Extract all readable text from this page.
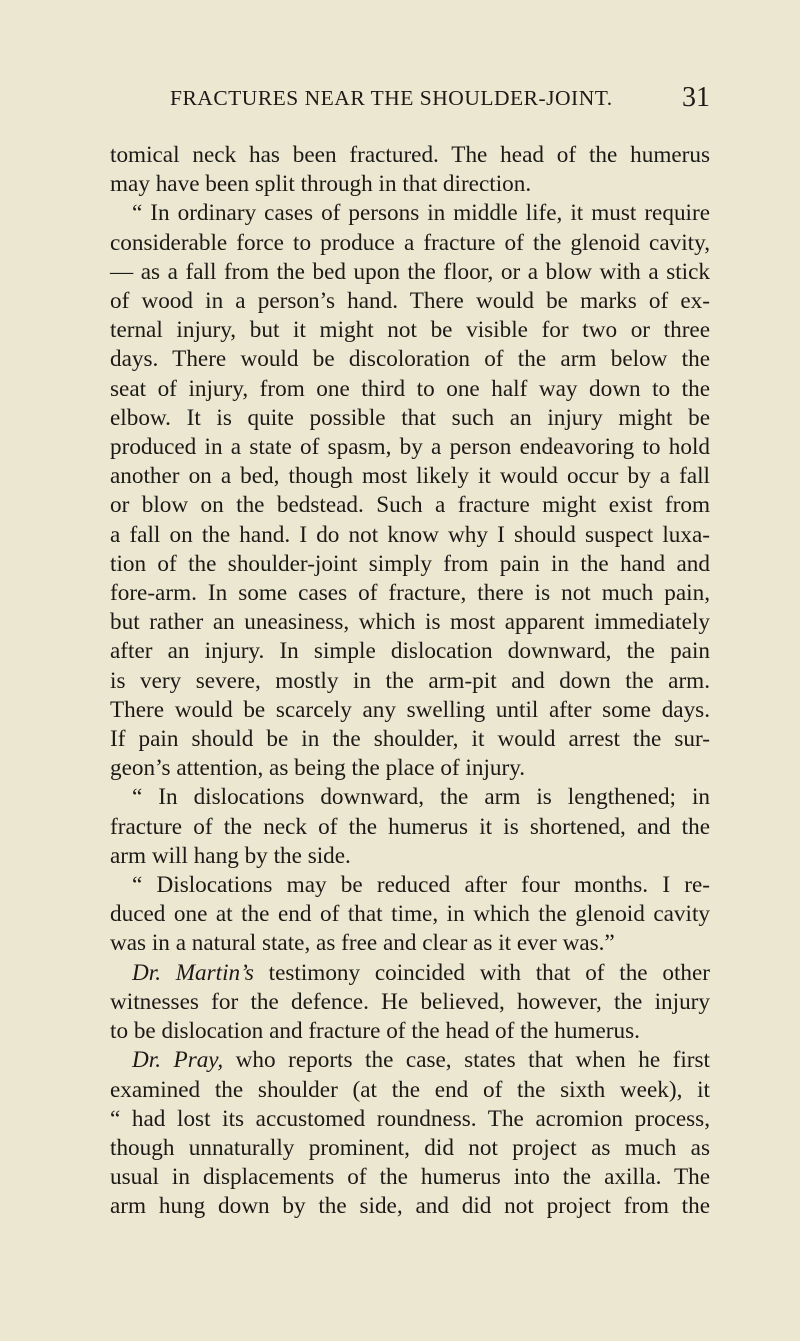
FRACTURES NEAR THE SHOULDER-JOINT. 31

tomical neck has been fractured. The head of the humerus
may have been split through in that direction.

“ In ordinary cases of persons in middle life, it must require
considerable force to produce a fracture of the glenoid cavity,
— as a fall from the bed upon the floor, or a blow with a stick
of wood in a person’s hand. There would be marks of ex-
ternal injury, but it might not be visible for two or three
days. There would be discoloration of the arm below the
seat of injury, from one third to one half way down to the
elbow. It is quite possible that such an injury might be
produced in a state of spasm, by a person endeavoring to hold
another on a bed, though most likely it would occur by a fall
or blow on the bedstead. Such a fracture might exist from
a fall on the hand. I do not know why I should suspect luxa-
tion of the shoulder-joint simply from pain in the hand and
fore-arm. In some cases of fracture, there is not much pain,
but rather an uneasiness, which is most apparent immediately
after an injury. In simple dislocation downward, the pain
is very severe, mostly in the arm-pit and down the arm.
There would be scarcely any swelling until after some days.
If pain should be in the shoulder, it would arrest the sur-
geon’s attention, as being the place of injury.

“ In dislocations downward, the arm is lengthened; in
fracture of the neck of the humerus it is shortened, and the
arm will hang by the side.

“ Dislocations may be reduced after four months. I re-
duced one at the end of that time, in which the glenoid cavity
was in a natural state, as free and clear as it ever was.”

Dr. Martin’s testimony coincided with that of the other
witnesses for the defence. He believed, however, the injury
to be dislocation and fracture of the head of the humerus.

Dr. Pray, who reports the case, states that when he first
examined the shoulder (at the end of the sixth week), it
“ had lost its accustomed roundness. The acromion process,
though unnaturally prominent, did not project as much as
usual in displacements of the humerus into the axilla. The
arm hung down by the side, and did not project from the
